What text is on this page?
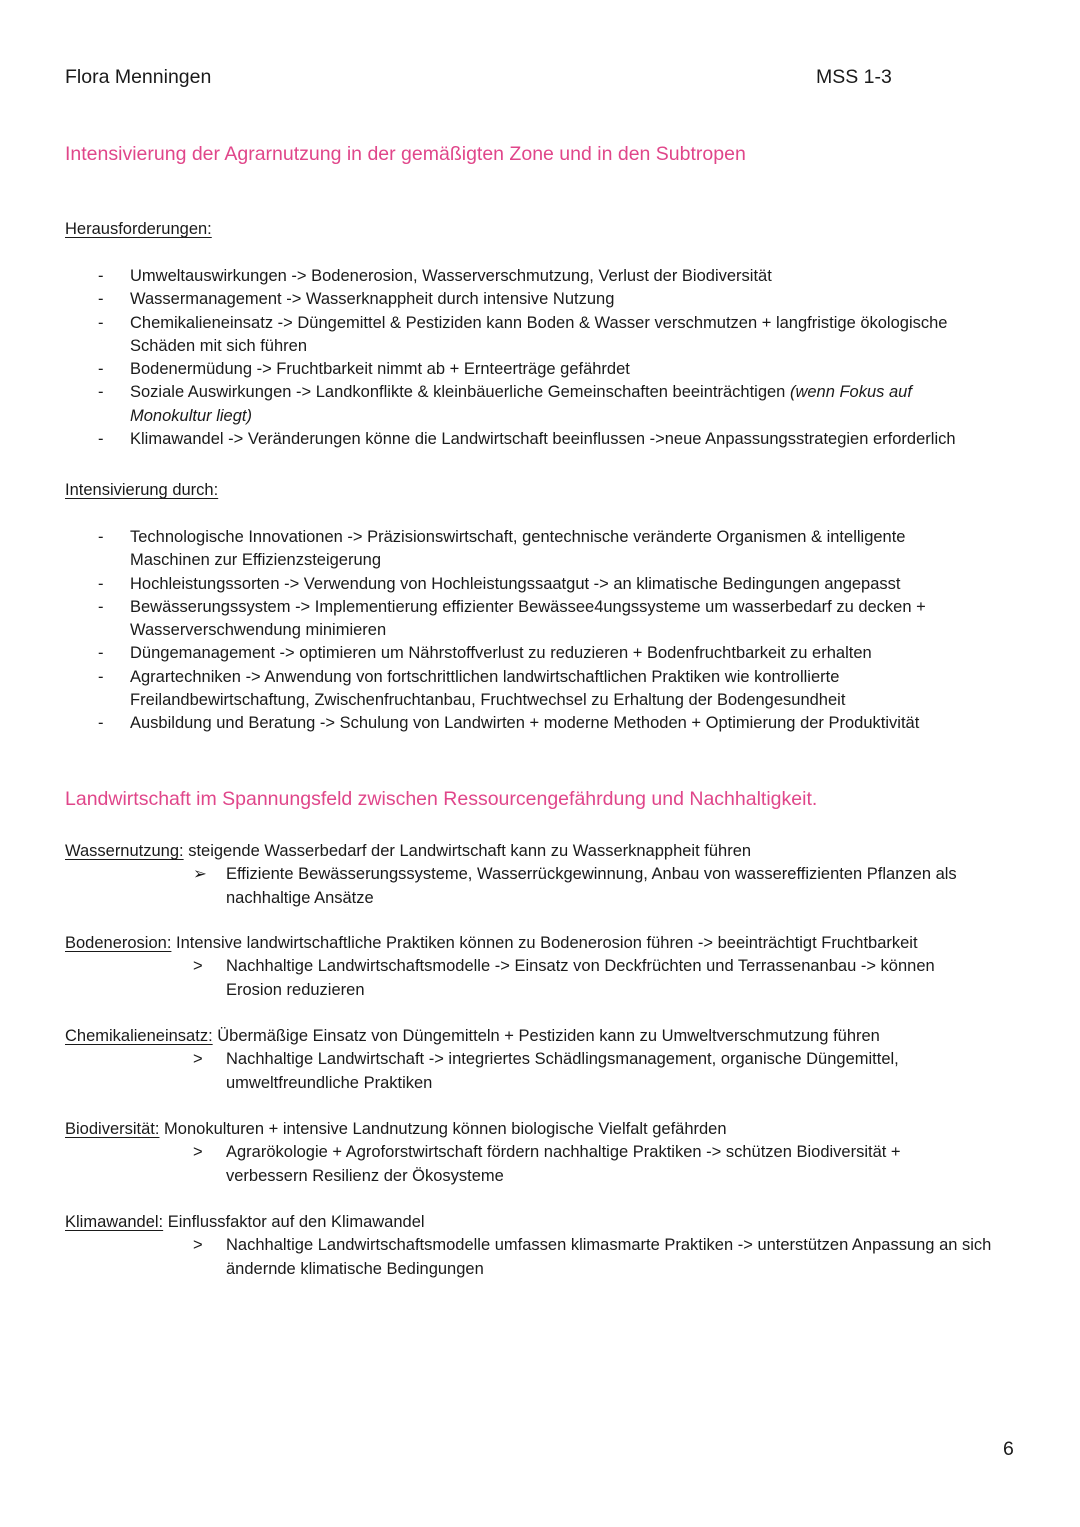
Flora Menningen	MSS 1-3
Intensivierung der Agrarnutzung in der gemäßigten Zone und in den Subtropen
Herausforderungen:
- Umweltauswirkungen -> Bodenerosion, Wasserverschmutzung, Verlust der Biodiversität
- Wassermanagement -> Wasserknappheit durch intensive Nutzung
- Chemikalieneinsatz -> Düngemittel & Pestiziden kann Boden & Wasser verschmutzen + langfristige ökologische Schäden mit sich führen
- Bodenermüdung -> Fruchtbarkeit nimmt ab + Ernteerträge gefährdet
- Soziale Auswirkungen -> Landkonflikte & kleinbäuerliche Gemeinschaften beeinträchtigen (wenn Fokus auf Monokultur liegt)
- Klimawandel -> Veränderungen könne die Landwirtschaft beeinflussen ->neue Anpassungsstrategien erforderlich
Intensivierung durch:
- Technologische Innovationen -> Präzisionswirtschaft, gentechnische veränderte Organismen & intelligente Maschinen zur Effizienzsteigerung
- Hochleistungssorten -> Verwendung von Hochleistungssaatgut -> an klimatische Bedingungen angepasst
- Bewässerungssystem -> Implementierung effizienter Bewässee4ungssysteme um wasserbedarf zu decken + Wasserverschwendung minimieren
- Düngemanagement -> optimieren um Nährstoffverlust zu reduzieren + Bodenfruchtbarkeit zu erhalten
- Agrartechniken -> Anwendung von fortschrittlichen landwirtschaftlichen Praktiken wie kontrollierte Freilandbewirtschaftung, Zwischenfruchtanbau, Fruchtwechsel zu Erhaltung der Bodengesundheit
- Ausbildung und Beratung -> Schulung von Landwirten + moderne Methoden + Optimierung der Produktivität
Landwirtschaft im Spannungsfeld zwischen Ressourcengefährdung und Nachhaltigkeit.
Wassernutzung: steigende Wasserbedarf der Landwirtschaft kann zu Wasserknappheit führen
➢ Effiziente Bewässerungssysteme, Wasserrückgewinnung, Anbau von wassereffizienten Pflanzen als nachhaltige Ansätze
Bodenerosion: Intensive landwirtschaftliche Praktiken können zu Bodenerosion führen -> beeinträchtigt Fruchtbarkeit
> Nachhaltige Landwirtschaftsmodelle -> Einsatz von Deckfrüchten und Terrassenanbau -> können Erosion reduzieren
Chemikalieneinsatz: Übermäßige Einsatz von Düngemitteln + Pestiziden kann zu Umweltverschmutzung führen
> Nachhaltige Landwirtschaft -> integriertes Schädlingsmanagement, organische Düngemittel, umweltfreundliche Praktiken
Biodiversität: Monokulturen + intensive Landnutzung können biologische Vielfalt gefährden
> Agrarökologie + Agroforstwirtschaft fördern nachhaltige Praktiken -> schützen Biodiversität + verbessern Resilienz der Ökosysteme
Klimawandel: Einflussfaktor auf den Klimawandel
> Nachhaltige Landwirtschaftsmodelle umfassen klimasmarte Praktiken -> unterstützen Anpassung an sich ändernde klimatische Bedingungen
6
